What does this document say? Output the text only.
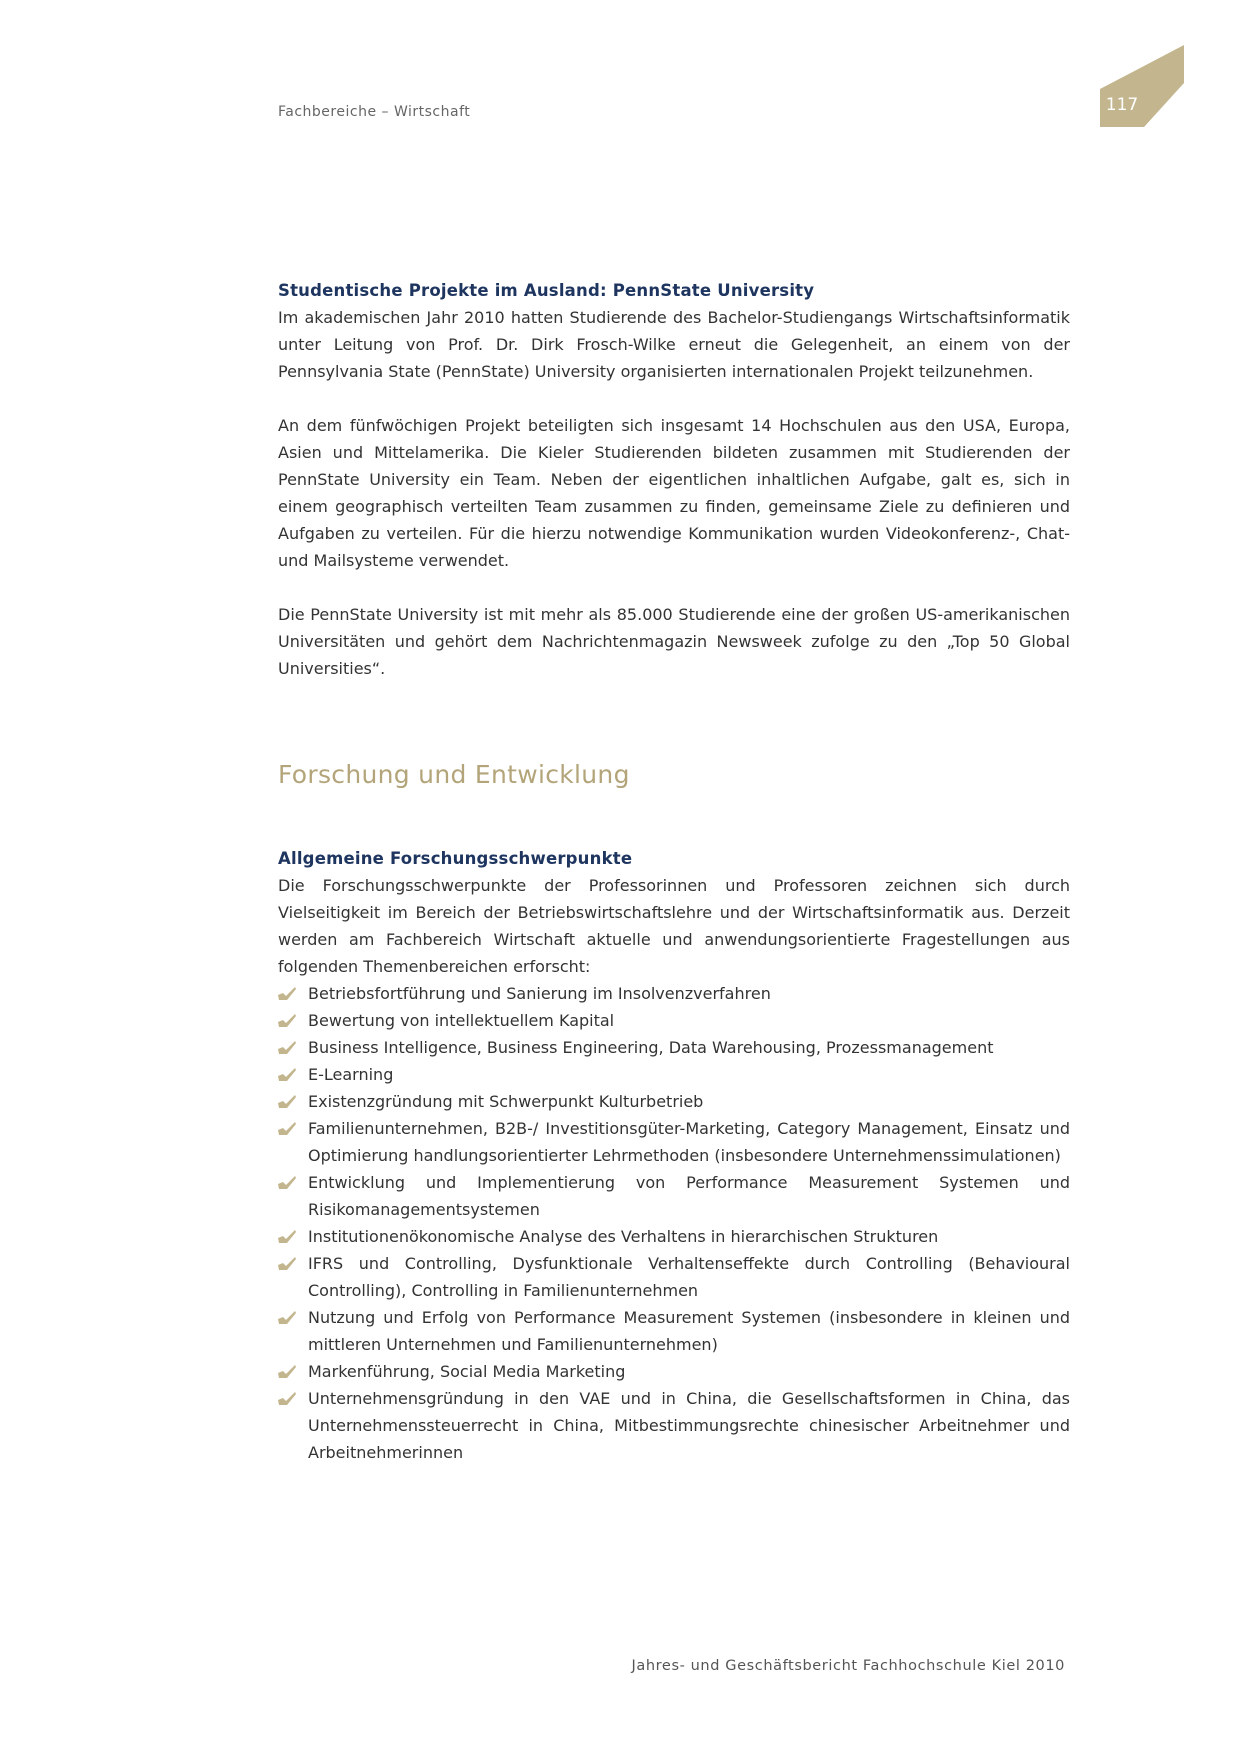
Fachbereiche – Wirtschaft	117
Studentische Projekte im Ausland: PennState University

Im akademischen Jahr 2010 hatten Studierende des Bachelor-Studiengangs Wirtschaftsinformatik unter Leitung von Prof. Dr. Dirk Frosch-Wilke erneut die Gelegenheit, an einem von der Pennsylvania State (PennState) University organisierten internationalen Projekt teilzunehmen.

An dem fünfwöchigen Projekt beteiligten sich insgesamt 14 Hochschulen aus den USA, Europa, Asien und Mittelamerika. Die Kieler Studierenden bildeten zusammen mit Studierenden der PennState University ein Team. Neben der eigentlichen inhaltlichen Aufgabe, galt es, sich in einem geographisch verteilten Team zusammen zu finden, gemeinsame Ziele zu definieren und Aufgaben zu verteilen. Für die hierzu notwendige Kommunikation wurden Videokonferenz-, Chat- und Mailsysteme verwendet.

Die PennState University ist mit mehr als 85.000 Studierende eine der großen US-amerikanischen Universitäten und gehört dem Nachrichtenmagazin Newsweek zufolge zu den „Top 50 Global Universities“.

Forschung und Entwicklung
Allgemeine Forschungsschwerpunkte

Die Forschungsschwerpunkte der Professorinnen und Professoren zeichnen sich durch Vielseitigkeit im Bereich der Betriebswirtschaftslehre und der Wirtschaftsinformatik aus. Derzeit werden am Fachbereich Wirtschaft aktuelle und anwendungsorientierte Fragestellungen aus folgenden Themenbereichen erforscht:

Betriebsfortführung und Sanierung im Insolvenzverfahren
Bewertung von intellektuellem Kapital
Business Intelligence, Business Engineering, Data Warehousing, Prozessmanagement
E-Learning
Existenzgründung mit Schwerpunkt Kulturbetrieb
Familienunternehmen, B2B-/ Investitionsgüter-Marketing, Category Management, Einsatz und Optimierung handlungsorientierter Lehrmethoden (insbesondere Unternehmenssimulationen)
Entwicklung und Implementierung von Performance Measurement Systemen und Risikomanagementsystemen
Institutionenökonomische Analyse des Verhaltens in hierarchischen Strukturen
IFRS und Controlling, Dysfunktionale Verhaltenseffekte durch Controlling (Behavioural Controlling), Controlling in Familienunternehmen
Nutzung und Erfolg von Performance Measurement Systemen (insbesondere in kleinen und mittleren Unternehmen und Familienunternehmen)
Markenführung, Social Media Marketing
Unternehmensgründung in den VAE und in China, die Gesellschaftsformen in China, das Unternehmenssteuerrecht in China, Mitbestimmungsrechte chinesischer Arbeitnehmer und Arbeitnehmerinnen
Jahres- und Geschäftsbericht Fachhochschule Kiel 2010
